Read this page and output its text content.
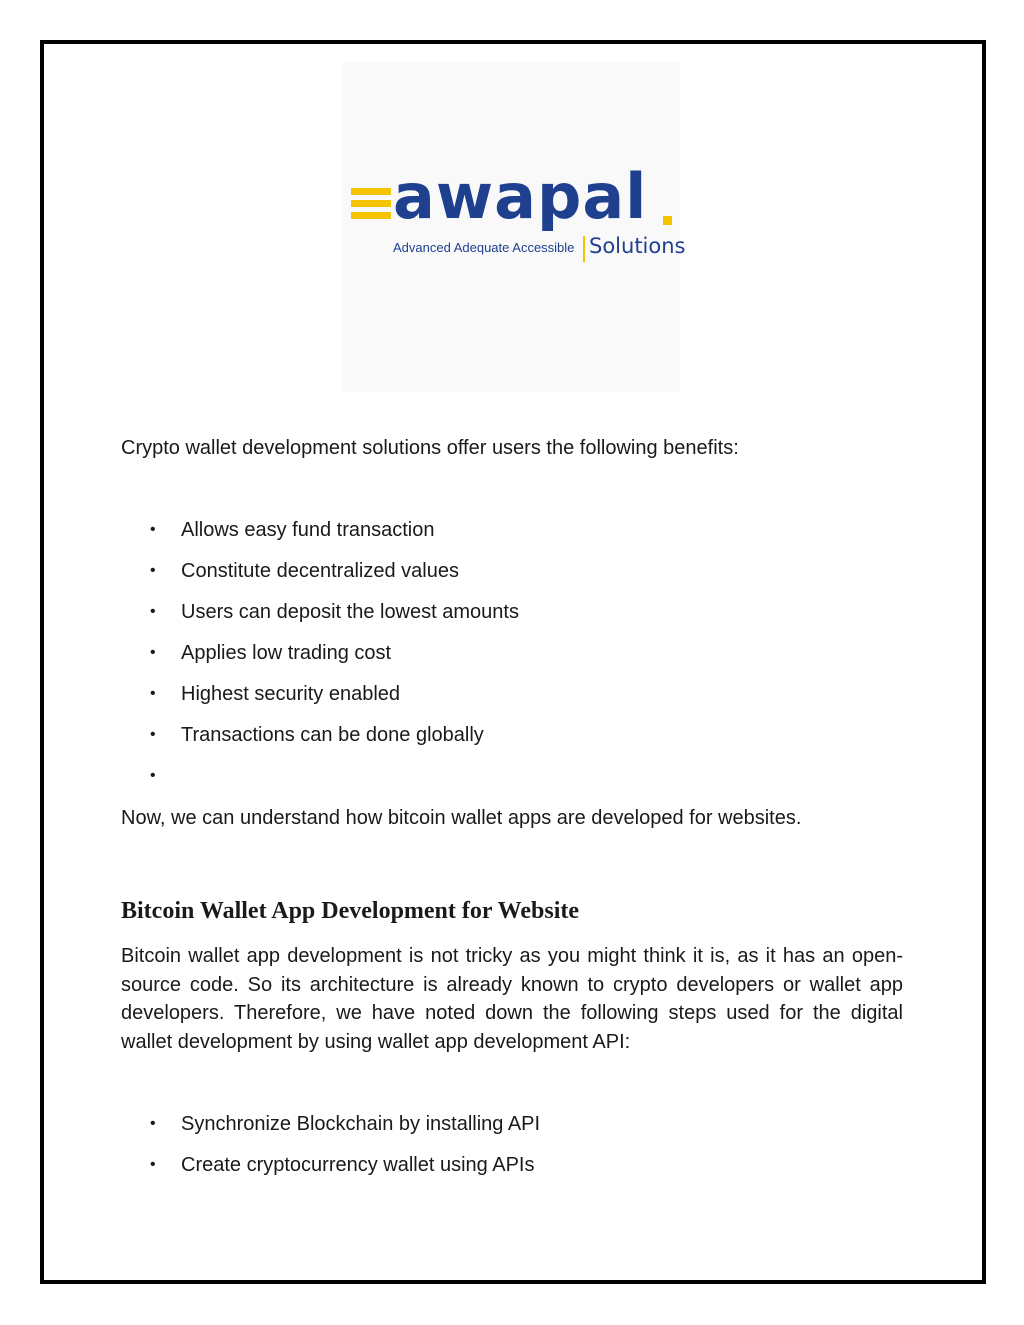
awapal
Advanced Adequate Accessible Solutions
Crypto wallet development solutions offer users the following benefits:
• Allows easy fund transaction
• Constitute decentralized values
• Users can deposit the lowest amounts
• Applies low trading cost
• Highest security enabled
• Transactions can be done globally
•
Now, we can understand how bitcoin wallet apps are developed for websites.
Bitcoin Wallet App Development for Website

Bitcoin wallet app development is not tricky as you might think it is, as it has an open-source code. So its architecture is already known to crypto developers or wallet app developers. Therefore, we have noted down the following steps used for the digital wallet development by using wallet app development API:

• Synchronize Blockchain by installing API
• Create cryptocurrency wallet using APIs
